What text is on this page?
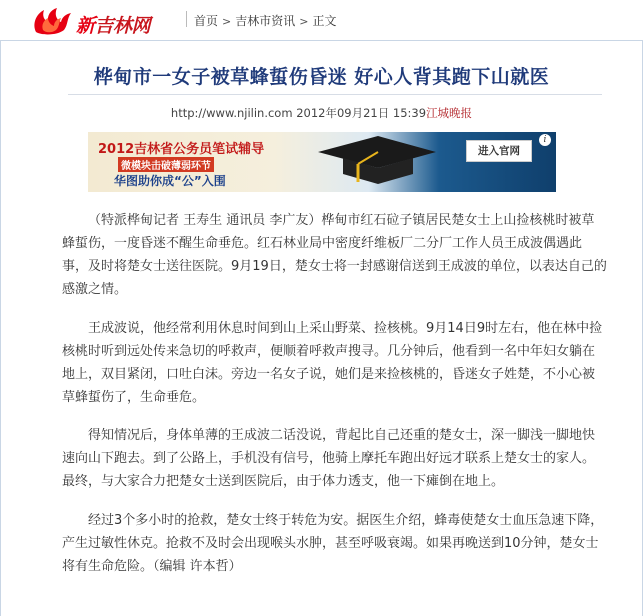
新吉林网	首页 > 吉林市资讯 > 正文
桦甸市一女子被草蜂蜇伤昏迷 好心人背其跑下山就医
http://www.njilin.com 2012年09月21日 15:39江城晚报
2012吉林省公务员笔试辅导
微模块击破薄弱环节
华图助你成“公”入围
进入官网
i

（特派桦甸记者 王寿生 通讯员 李广友）桦甸市红石砬子镇居民楚女士上山捡核桃时被草蜂蜇伤，一度昏迷不醒生命垂危。红石林业局中密度纤维板厂二分厂工作人员王成波偶遇此事，及时将楚女士送往医院。9月19日，楚女士将一封感谢信送到王成波的单位，以表达自己的感激之情。

王成波说，他经常利用休息时间到山上采山野菜、捡核桃。9月14日9时左右，他在林中捡核桃时听到远处传来急切的呼救声，便顺着呼救声搜寻。几分钟后，他看到一名中年妇女躺在地上，双目紧闭，口吐白沫。旁边一名女子说，她们是来捡核桃的，昏迷女子姓楚，不小心被草蜂蜇伤了，生命垂危。

得知情况后，身体单薄的王成波二话没说，背起比自己还重的楚女士，深一脚浅一脚地快速向山下跑去。到了公路上，手机没有信号，他骑上摩托车跑出好远才联系上楚女士的家人。最终，与大家合力把楚女士送到医院后，由于体力透支，他一下瘫倒在地上。

经过3个多小时的抢救，楚女士终于转危为安。据医生介绍，蜂毒使楚女士血压急速下降，产生过敏性休克。抢救不及时会出现喉头水肿，甚至呼吸衰竭。如果再晚送到10分钟，楚女士将有生命危险。（编辑 许本哲）
